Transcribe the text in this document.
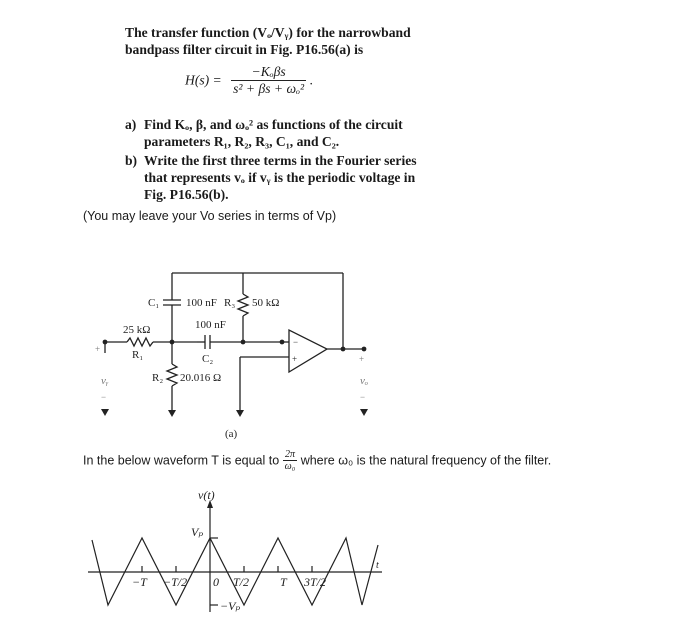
The transfer function (Vₒ/Vᵧ) for the narrowband
bandpass filter circuit in Fig. P16.56(a) is
$H(s) = \frac{\text{−Kₒβs}}{\text{s² + βs + ωₒ²}}$ .
a) Find Kₒ, β, and ωₒ² as functions of the circuit
parameters R₁, R₂, R₃, C₁, and C₂.
b) Write the first three terms in the Fourier series
that represents vₒ if vᵧ is the periodic voltage in
Fig. P16.56(b).
(You may leave your Vo series in terms of Vp)
C₁ 100 nF R₃ 50 kΩ
25 kΩ
R₁
100 nF
C₂
R₂ 20.016 Ω
vᵧ	vₒ
+
+
−	−
−
+
(a)
In the below waveform T is equal to $\frac{2\pi}{\text{ω₀}}$ where ω₀ is the natural frequency of the filter.
v(t)
t
Vₚ
−Vₚ
−T −T/2 0 T/2	T 3T/2
